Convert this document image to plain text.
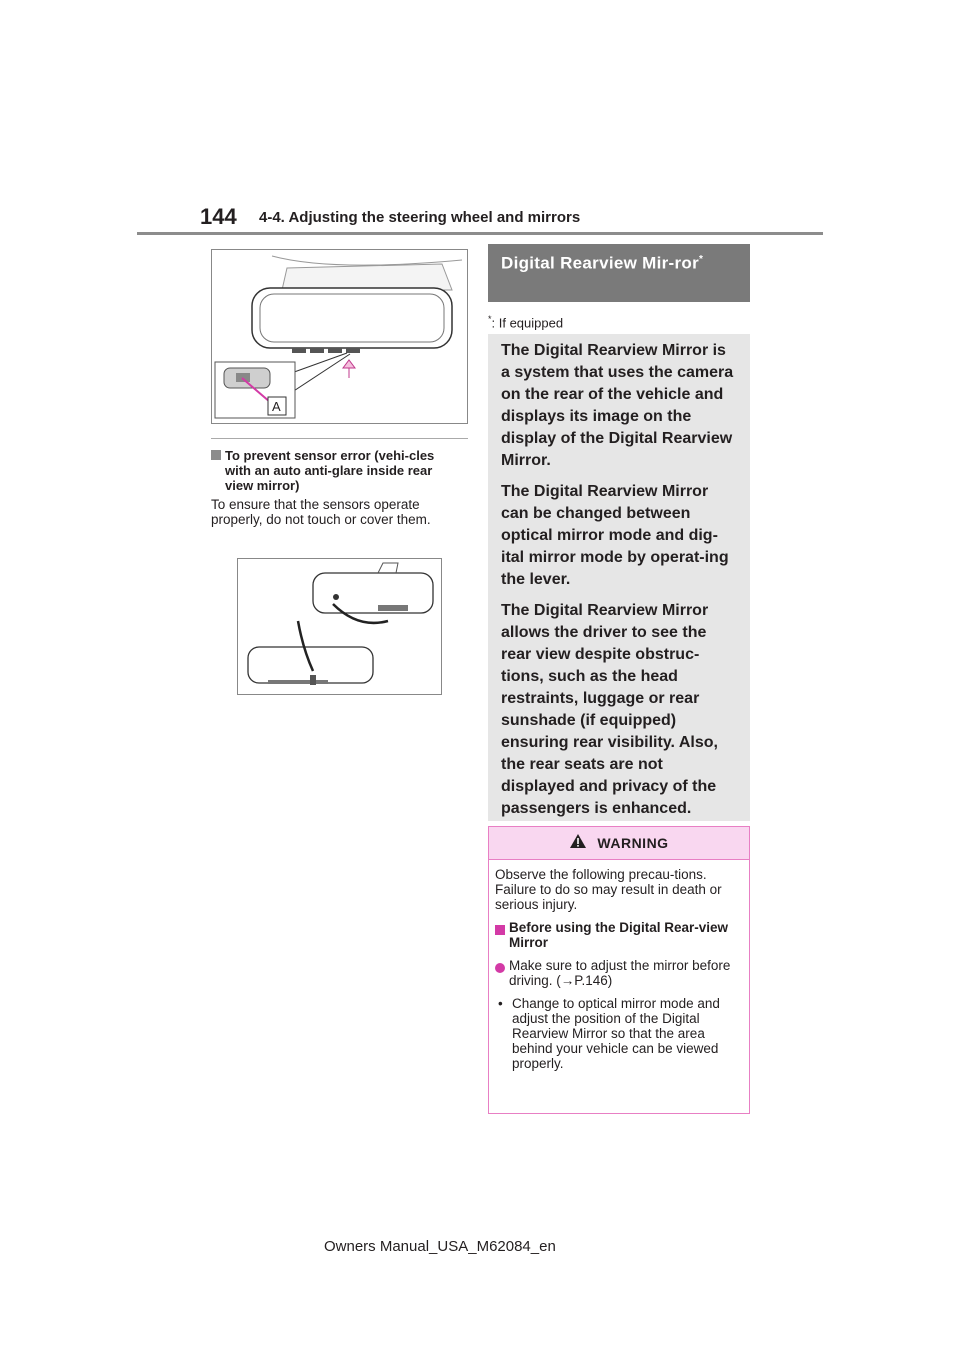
144 4-4. Adjusting the steering wheel and mirrors
A
To prevent sensor error (vehi-cles with an auto anti-glare inside rear view mirror)
To ensure that the sensors operate properly, do not touch or cover them.
Digital Rearview Mir-ror*
*: If equipped

The Digital Rearview Mirror is a system that uses the camera on the rear of the vehicle and displays its image on the display of the Digital Rearview Mirror.

The Digital Rearview Mirror can be changed between optical mirror mode and dig-ital mirror mode by operat-ing the lever.

The Digital Rearview Mirror allows the driver to see the rear view despite obstruc-tions, such as the head restraints, luggage or rear sunshade (if equipped) ensuring rear visibility. Also, the rear seats are not displayed and privacy of the passengers is enhanced.

WARNING
Observe the following precau-tions.
Failure to do so may result in death or serious injury.
Before using the Digital Rear-view Mirror
Make sure to adjust the mirror before driving. (→P.146)
• Change to optical mirror mode and adjust the position of the Digital Rearview Mirror so that the area behind your vehicle can be viewed properly.
Owners Manual_USA_M62084_en
